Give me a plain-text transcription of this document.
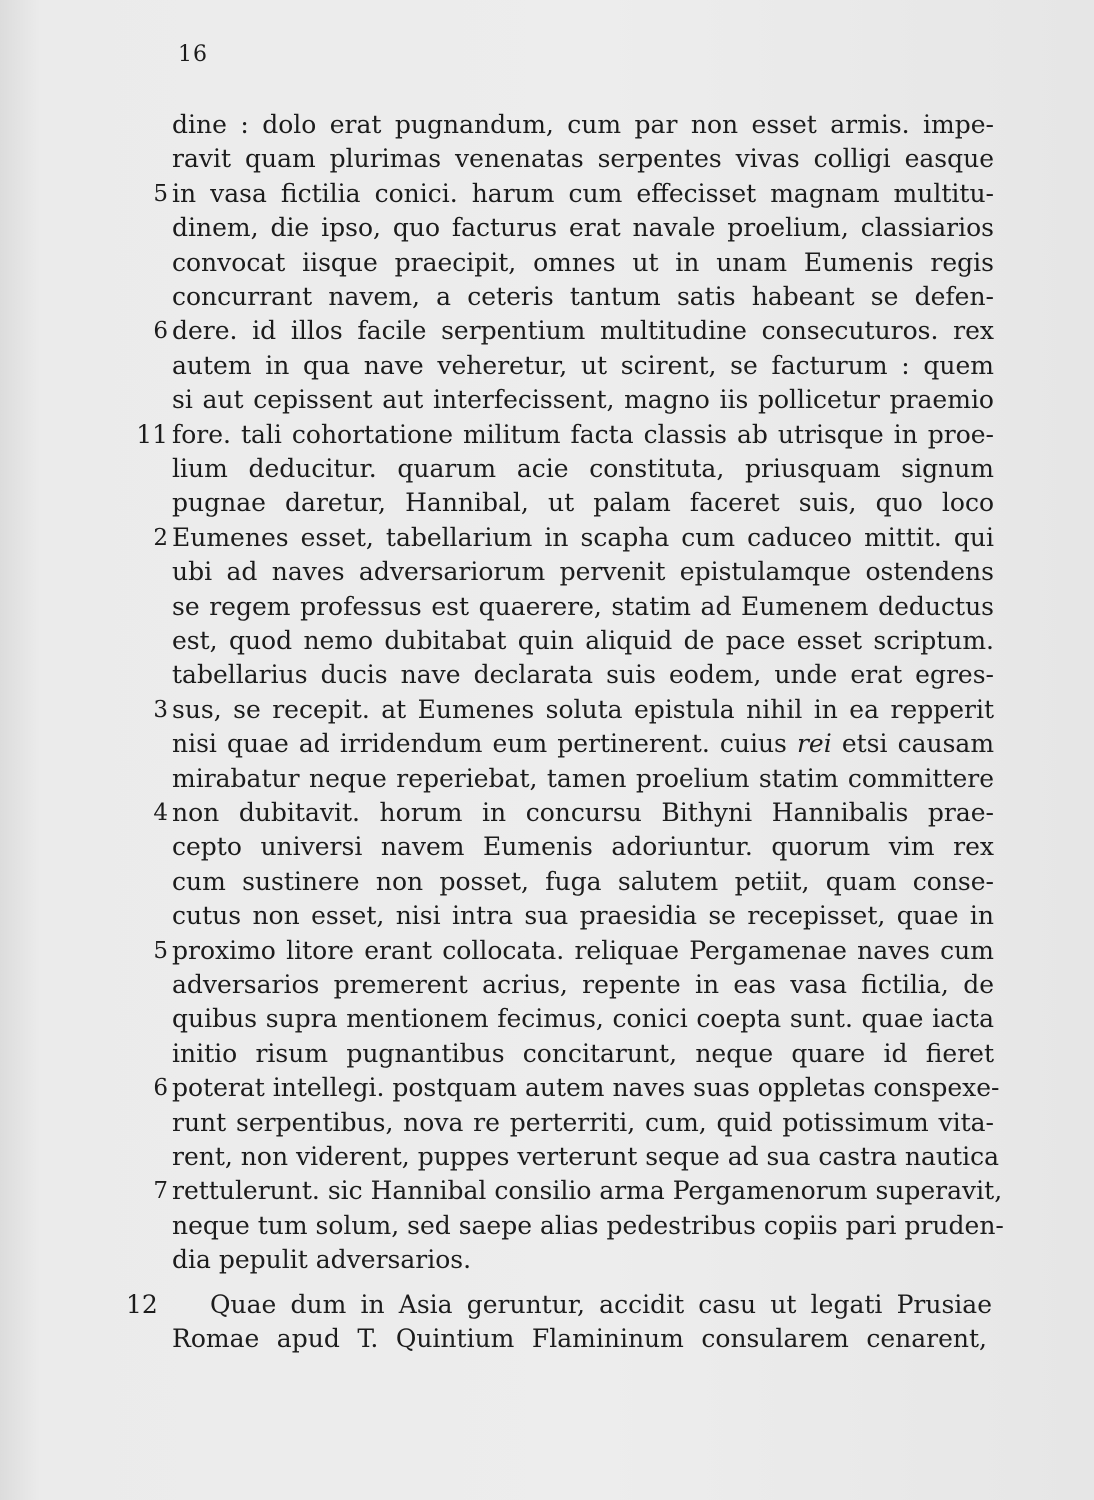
16
dine : dolo erat pugnandum, cum par non esset armis. impe-
ravit quam plurimas venenatas serpentes vivas colligi easque
5 in vasa fictilia conici. harum cum effecisset magnam multitu-
dinem, die ipso, quo facturus erat navale proelium, classiarios
convocat iisque praecipit, omnes ut in unam Eumenis regis
concurrant navem, a ceteris tantum satis habeant se defen-
6 dere. id illos facile serpentium multitudine consecuturos. rex
autem in qua nave veheretur, ut scirent, se facturum : quem
si aut cepissent aut interfecissent, magno iis pollicetur praemio
11 fore. tali cohortatione militum facta classis ab utrisque in proe-
lium deducitur. quarum acie constituta, priusquam signum
pugnae daretur, Hannibal, ut palam faceret suis, quo loco
2 Eumenes esset, tabellarium in scapha cum caduceo mittit. qui
ubi ad naves adversariorum pervenit epistulamque ostendens
se regem professus est quaerere, statim ad Eumenem deductus
est, quod nemo dubitabat quin aliquid de pace esset scriptum.
tabellarius ducis nave declarata suis eodem, unde erat egres-
3 sus, se recepit. at Eumenes soluta epistula nihil in ea repperit
nisi quae ad irridendum eum pertinerent. cuius rei etsi causam
mirabatur neque reperiebat, tamen proelium statim committere
4 non dubitavit. horum in concursu Bithyni Hannibalis prae-
cepto universi navem Eumenis adoriuntur. quorum vim rex
cum sustinere non posset, fuga salutem petiit, quam conse-
cutus non esset, nisi intra sua praesidia se recepisset, quae in
5 proximo litore erant collocata. reliquae Pergamenae naves cum
adversarios premerent acrius, repente in eas vasa fictilia, de
quibus supra mentionem fecimus, conici coepta sunt. quae iacta
initio risum pugnantibus concitarunt, neque quare id fieret
6 poterat intellegi. postquam autem naves suas oppletas conspexe-
runt serpentibus, nova re perterriti, cum, quid potissimum vita-
rent, non viderent, puppes verterunt seque ad sua castra nautica
7 rettulerunt. sic Hannibal consilio arma Pergamenorum superavit,
neque tum solum, sed saepe alias pedestribus copiis pari pruden-
dia pepulit adversarios.
12	Quae dum in Asia geruntur, accidit casu ut legati Prusiae
Romae apud T. Quintium Flamininum consularem cenarent,
